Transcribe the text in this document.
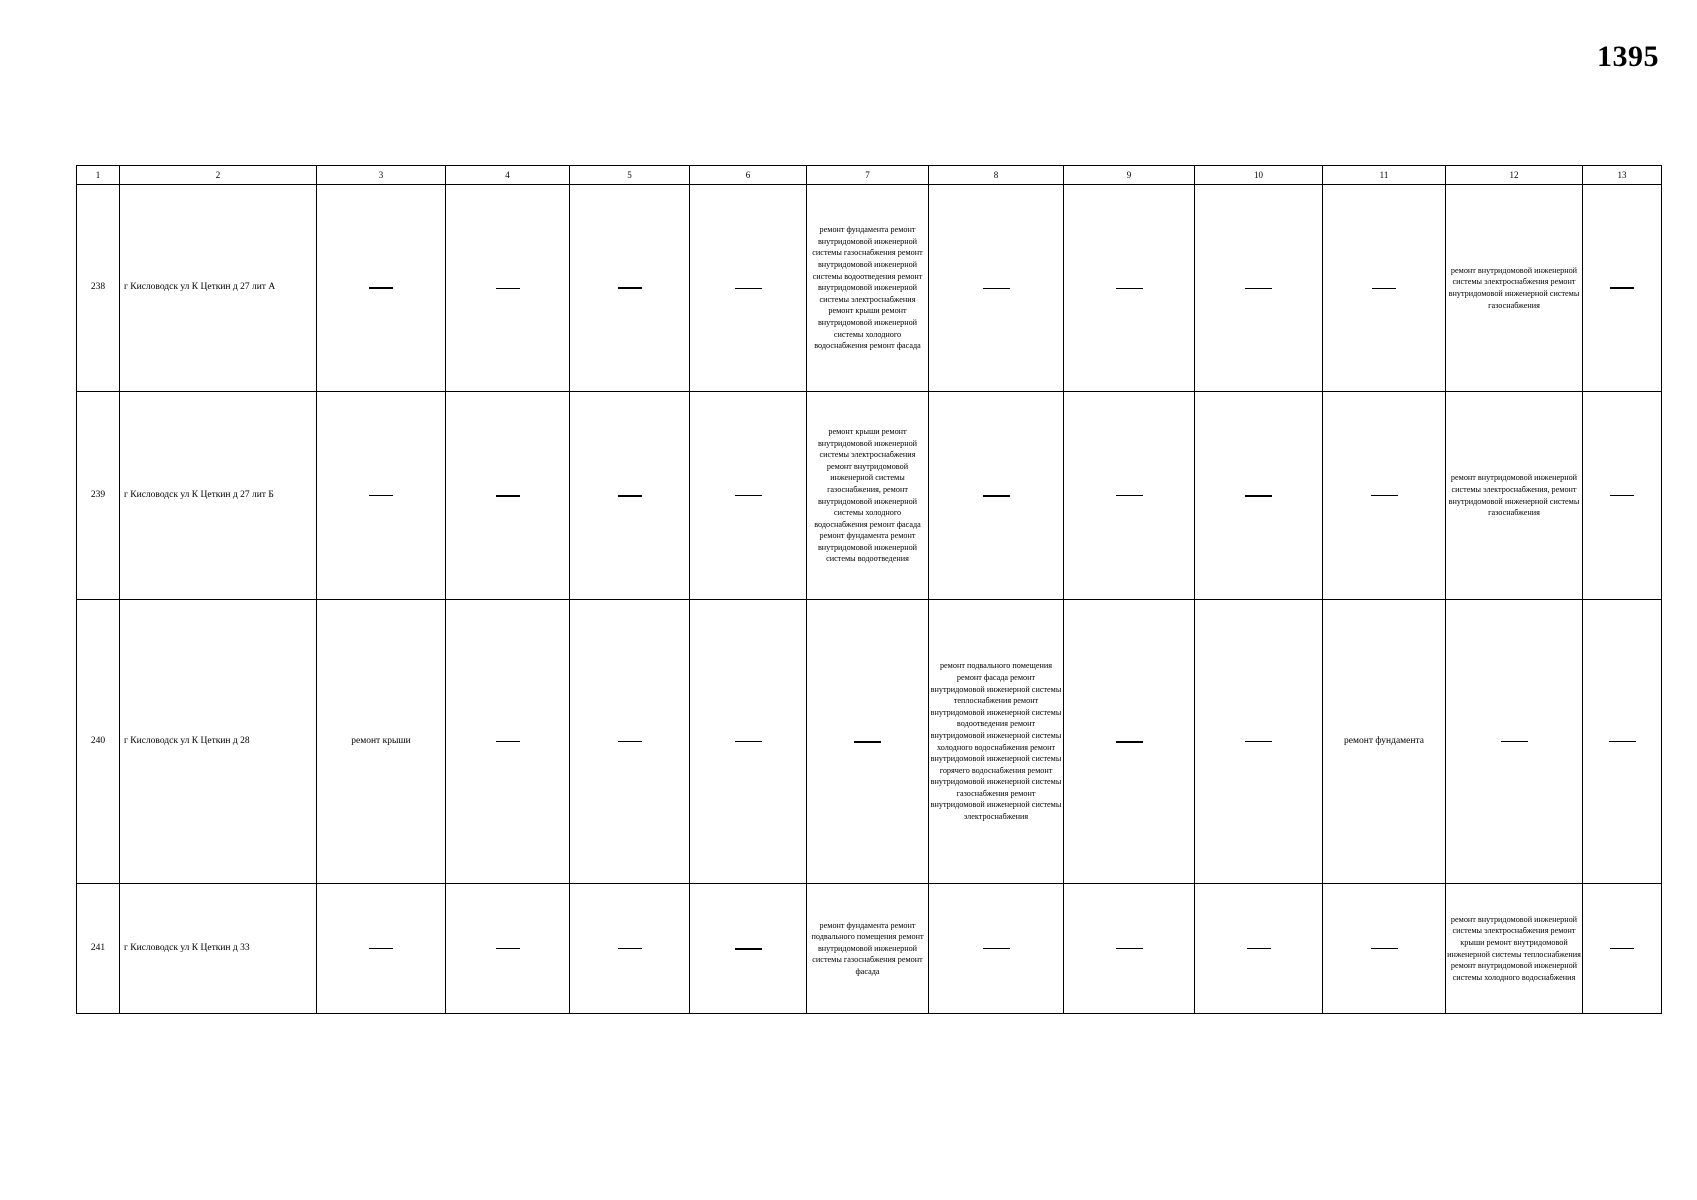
1395
1	2	3	4	5	6	7	8	9	10	11	12	13
238	г Кисловодск ул К Цеткин д 27 лит А					ремонт фундамента ремонт внутридомовой инженерной системы газоснабжения ремонт внутридомовой инженерной системы водоотведения ремонт внутридомовой инженерной системы электроснабжения ремонт крыши ремонт внутридомовой инженерной системы холодного водоснабжения ремонт фасада					ремонт внутридомовой инженерной системы электроснабжения ремонт внутридомовой инженерной системы газоснабжения	
239	г Кисловодск ул К Цеткин д 27 лит Б					ремонт крыши ремонт внутридомовой инженерной системы электроснабжения ремонт внутридомовой инженерной системы газоснабжения, ремонт внутридомовой инженерной системы холодного водоснабжения ремонт фасада ремонт фундамента ремонт внутридомовой инженерной системы водоотведения					ремонт внутридомовой инженерной системы электроснабжения, ремонт внутридомовой инженерной системы газоснабжения	
240	г Кисловодск ул К Цеткин д 28	ремонт крыши					ремонт подвального помещения ремонт фасада ремонт внутридомовой инженерной системы теплоснабжения ремонт внутридомовой инженерной системы водоотведения ремонт внутридомовой инженерной системы холодного водоснабжения ремонт внутридомовой инженерной системы горячего водоснабжения ремонт внутридомовой инженерной системы газоснабжения ремонт внутридомовой инженерной системы электроснабжения			ремонт фундамента		
241	г Кисловодск ул К Цеткин д 33					ремонт фундамента ремонт подвального помещения ремонт внутридомовой инженерной системы газоснабжения ремонт фасада					ремонт внутридомовой инженерной системы электроснабжения ремонт крыши ремонт внутридомовой инженерной системы теплоснабжения ремонт внутридомовой инженерной системы холодного водоснабжения	
